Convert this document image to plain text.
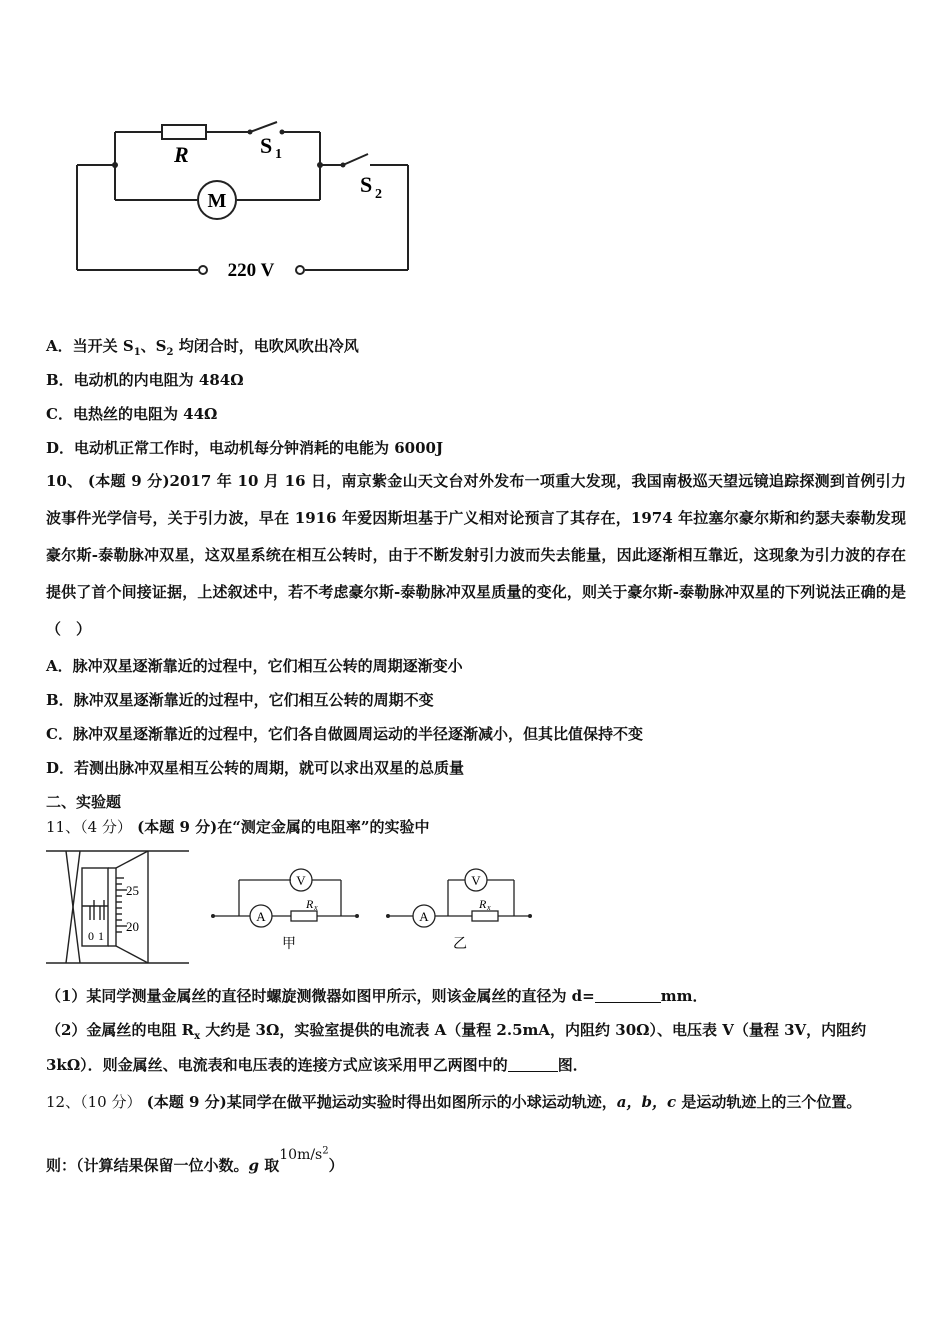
R	S 1
S 2
M
220 V
A．当开关 $S_1$、$S_2$ 均闭合时，电吹风吹出冷风
B．电动机的内电阻为 484Ω
C．电热丝的电阻为 44Ω
D．电动机正常工作时，电动机每分钟消耗的电能为 6000J
10、 (本题 9 分)2017 年 10 月 16 日，南京紫金山天文台对外发布一项重大发现，我国南极巡天望远镜追踪探测到首例引力波事件光学信号，关于引力波，早在 1916 年爱因斯坦基于广义相对论预言了其存在，1974 年拉塞尔豪尔斯和约瑟夫泰勒发现豪尔斯-泰勒脉冲双星，这双星系统在相互公转时，由于不断发射引力波而失去能量，因此逐渐相互靠近，这现象为引力波的存在提供了首个间接证据，上述叙述中，若不考虑豪尔斯-泰勒脉冲双星质量的变化，则关于豪尔斯-泰勒脉冲双星的下列说法正确的是（　）
A．脉冲双星逐渐靠近的过程中，它们相互公转的周期逐渐变小
B．脉冲双星逐渐靠近的过程中，它们相互公转的周期不变
C．脉冲双星逐渐靠近的过程中，它们各自做圆周运动的半径逐渐减小，但其比值保持不变
D．若测出脉冲双星相互公转的周期，就可以求出双星的总质量
二、实验题
11、（4 分） (本题 9 分)在“测定金属的电阻率”的实验中
25
20
0 1
A
V
R x
甲
A
V
R x
乙
（1）某同学测量金属丝的直径时螺旋测微器如图甲所示，则该金属丝的直径为 d=	mm．
（2）金属丝的电阻 $R_x$ 大约是 3Ω，实验室提供的电流表 A（量程 2.5mA，内阻约 30Ω）、电压表 V（量程 3V，内阻约
3kΩ）．则金属丝、电流表和电压表的连接方式应该采用甲乙两图中的	图．
12、（10 分） (本题 9 分)某同学在做平抛运动实验时得出如图所示的小球运动轨迹，a，b，c 是运动轨迹上的三个位置。
则：（计算结果保留一位小数。g 取$10m/s^2$）
